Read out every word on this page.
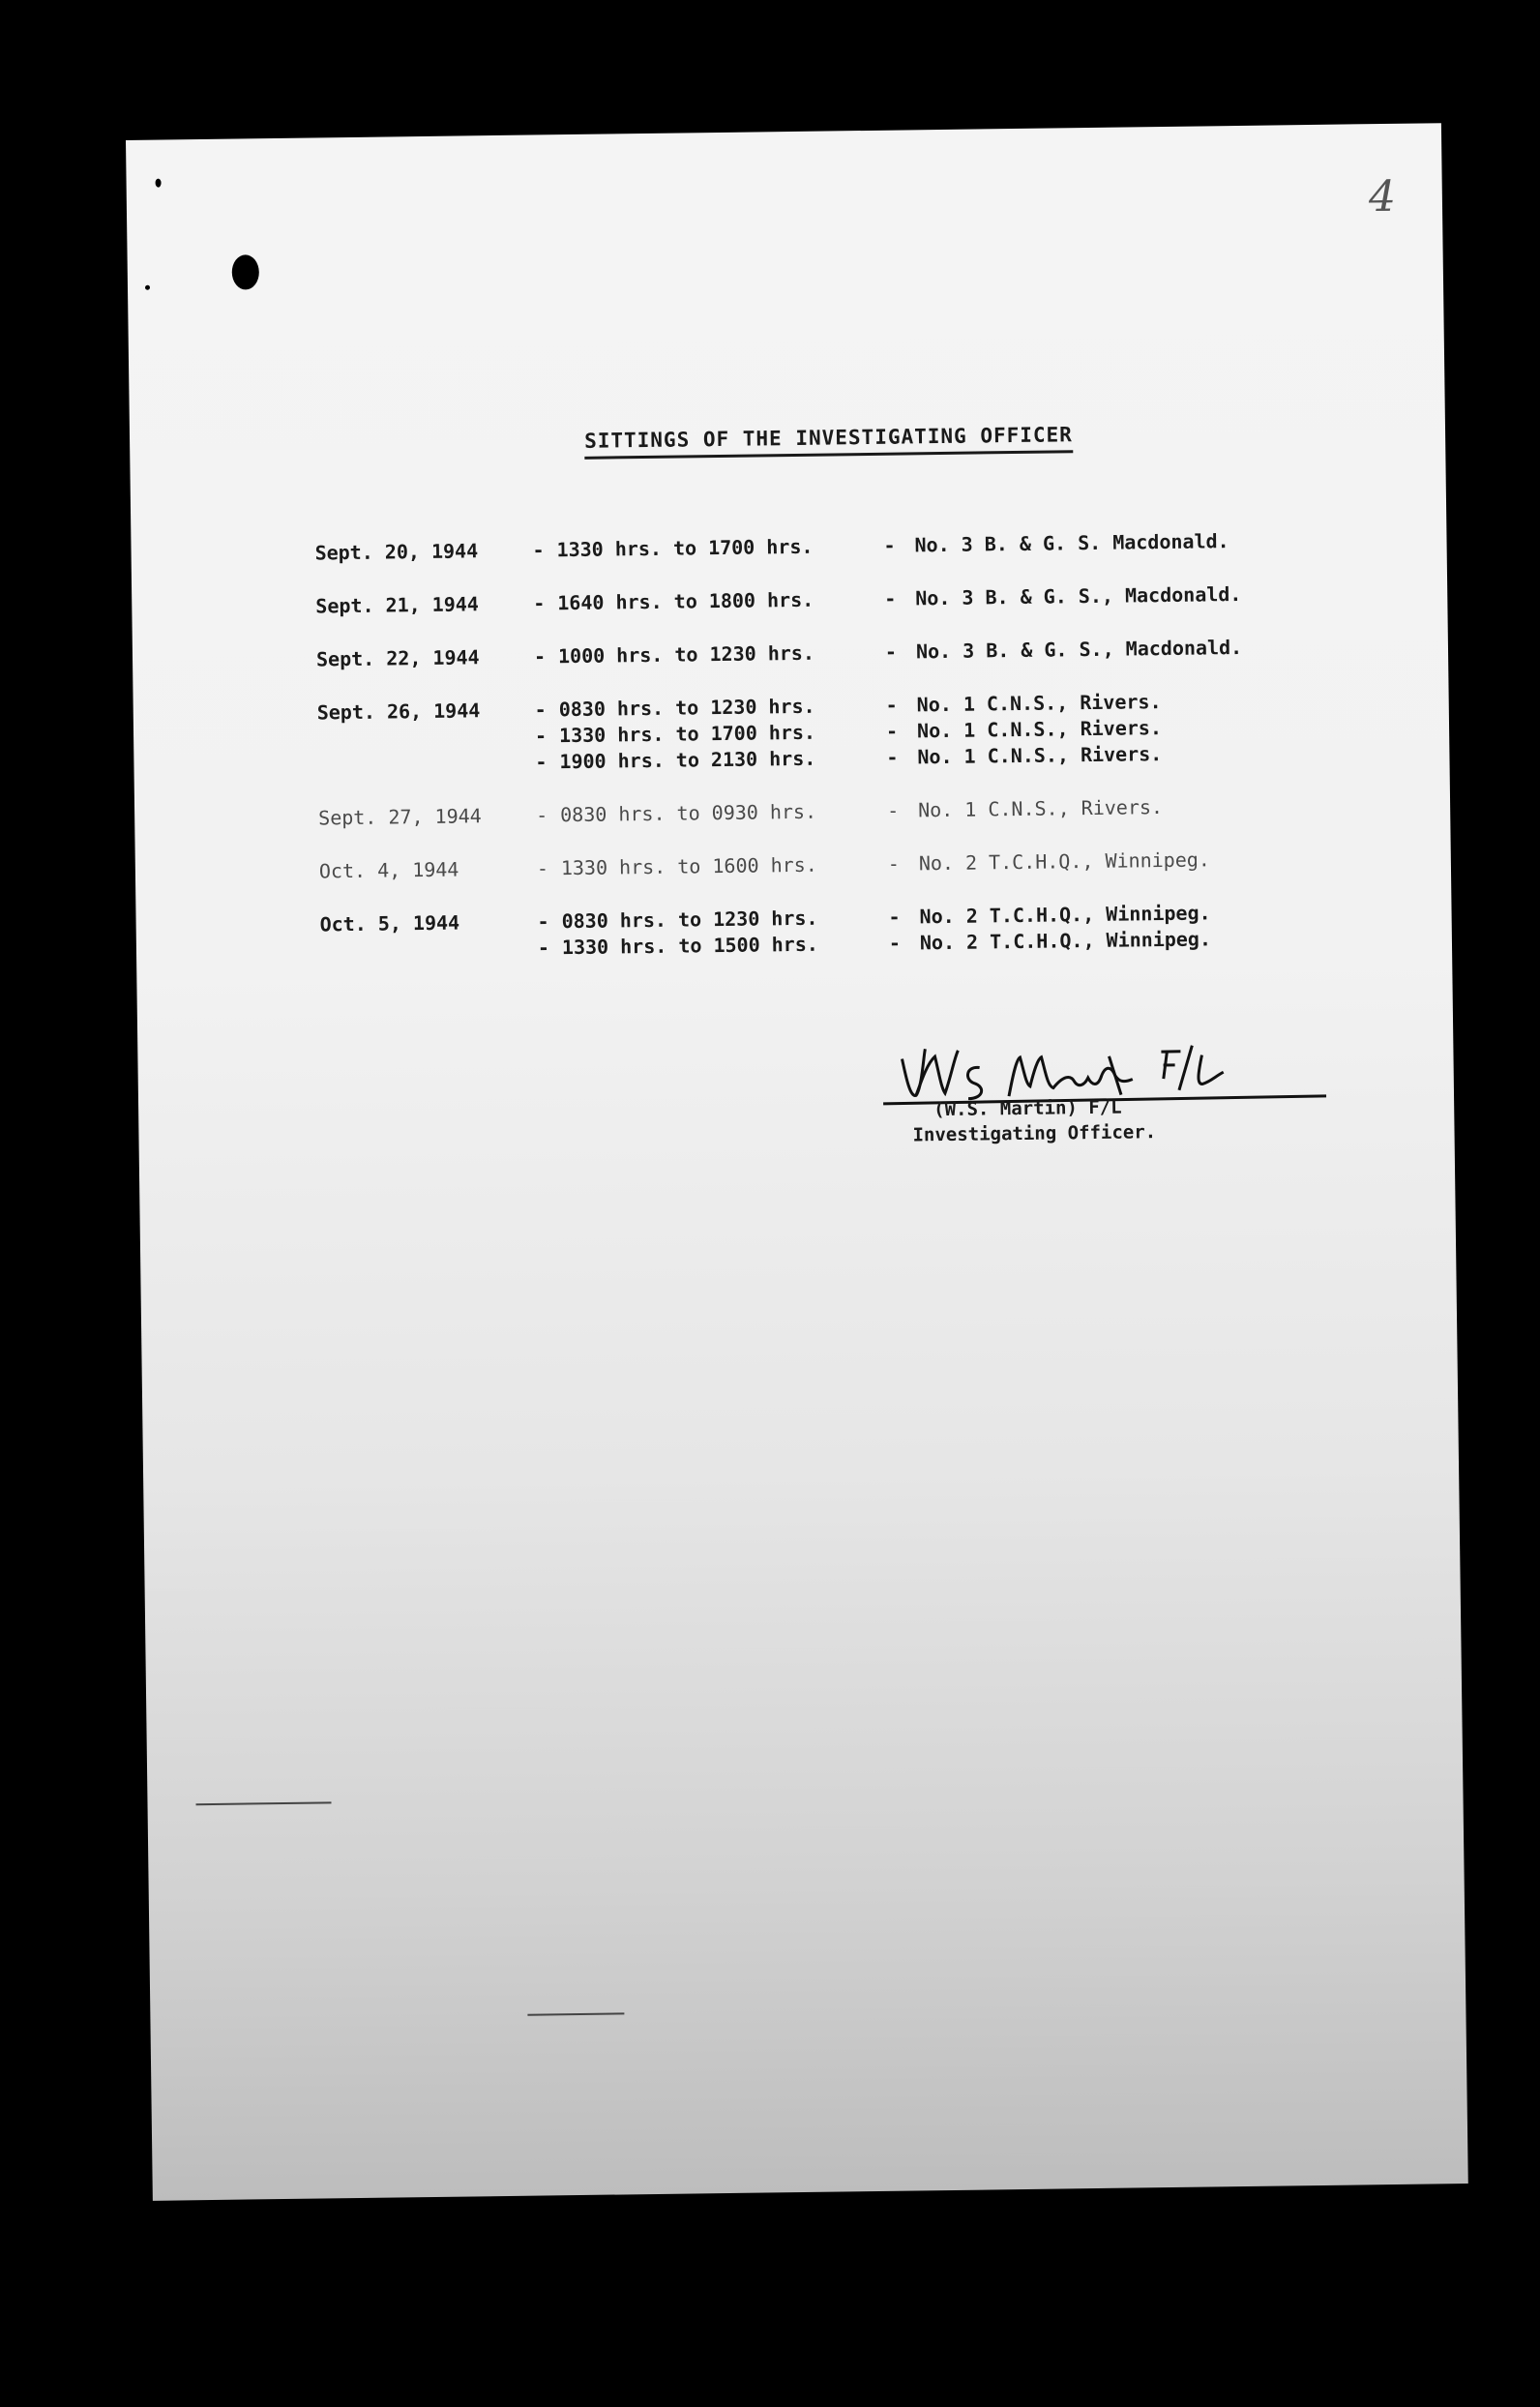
4
SITTINGS OF THE INVESTIGATING OFFICER
Sept. 20, 1944	- 1330 hrs. to 1700 hrs.	- No. 3 B. & G. S. Macdonald.
Sept. 21, 1944	- 1640 hrs. to 1800 hrs.	- No. 3 B. & G. S., Macdonald.
Sept. 22, 1944	- 1000 hrs. to 1230 hrs.	- No. 3 B. & G. S., Macdonald.
Sept. 26, 1944	- 0830 hrs. to 1230 hrs.	- No. 1 C.N.S., Rivers.
- 1330 hrs. to 1700 hrs.	- No. 1 C.N.S., Rivers.
- 1900 hrs. to 2130 hrs.	- No. 1 C.N.S., Rivers.
Sept. 27, 1944	- 0830 hrs. to 0930 hrs.	- No. 1 C.N.S., Rivers.
Oct. 4, 1944	- 1330 hrs. to 1600 hrs.	- No. 2 T.C.H.Q., Winnipeg.
Oct. 5, 1944	- 0830 hrs. to 1230 hrs.	- No. 2 T.C.H.Q., Winnipeg.
- 1330 hrs. to 1500 hrs.	- No. 2 T.C.H.Q., Winnipeg.
(W.S. Martin) F/L
Investigating Officer.
